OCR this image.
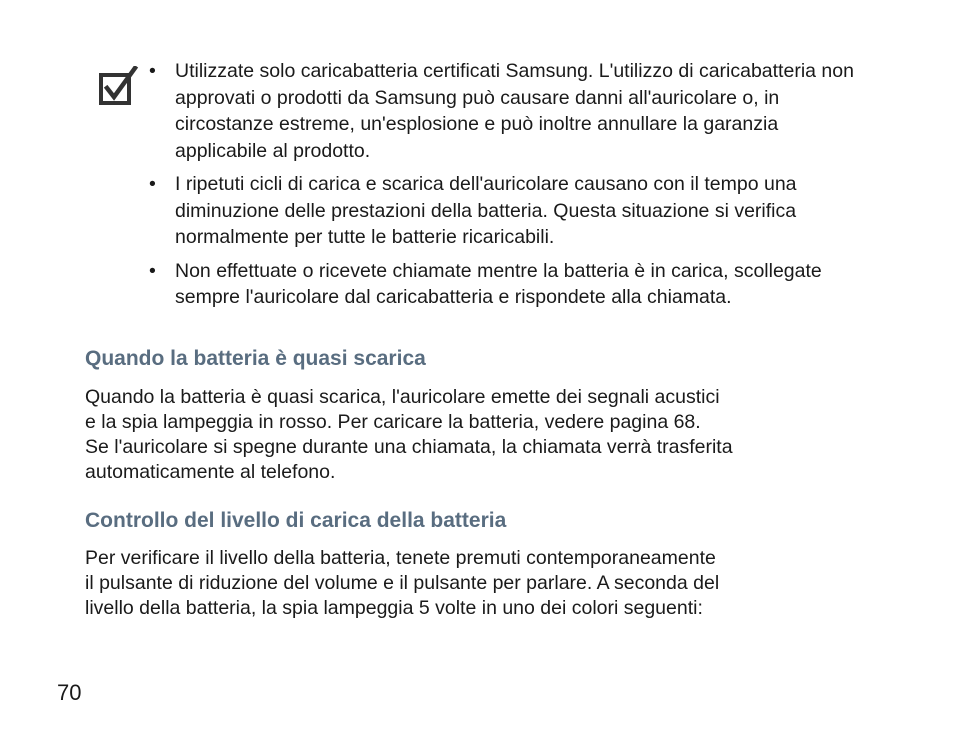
• Utilizzate solo caricabatteria certificati Samsung. L'utilizzo di caricabatteria non approvati o prodotti da Samsung può causare danni all'auricolare o, in circostanze estreme, un'esplosione e può inoltre annullare la garanzia applicabile al prodotto.
• I ripetuti cicli di carica e scarica dell'auricolare causano con il tempo una diminuzione delle prestazioni della batteria. Questa situazione si verifica normalmente per tutte le batterie ricaricabili.
• Non effettuate o ricevete chiamate mentre la batteria è in carica, scollegate sempre l'auricolare dal caricabatteria e rispondete alla chiamata.
Quando la batteria è quasi scarica

Quando la batteria è quasi scarica, l'auricolare emette dei segnali acustici
e la spia lampeggia in rosso. Per caricare la batteria, vedere pagina 68.
Se l'auricolare si spegne durante una chiamata, la chiamata verrà trasferita
automaticamente al telefono.

Controllo del livello di carica della batteria

Per verificare il livello della batteria, tenete premuti contemporaneamente
il pulsante di riduzione del volume e il pulsante per parlare. A seconda del
livello della batteria, la spia lampeggia 5 volte in uno dei colori seguenti:

70
